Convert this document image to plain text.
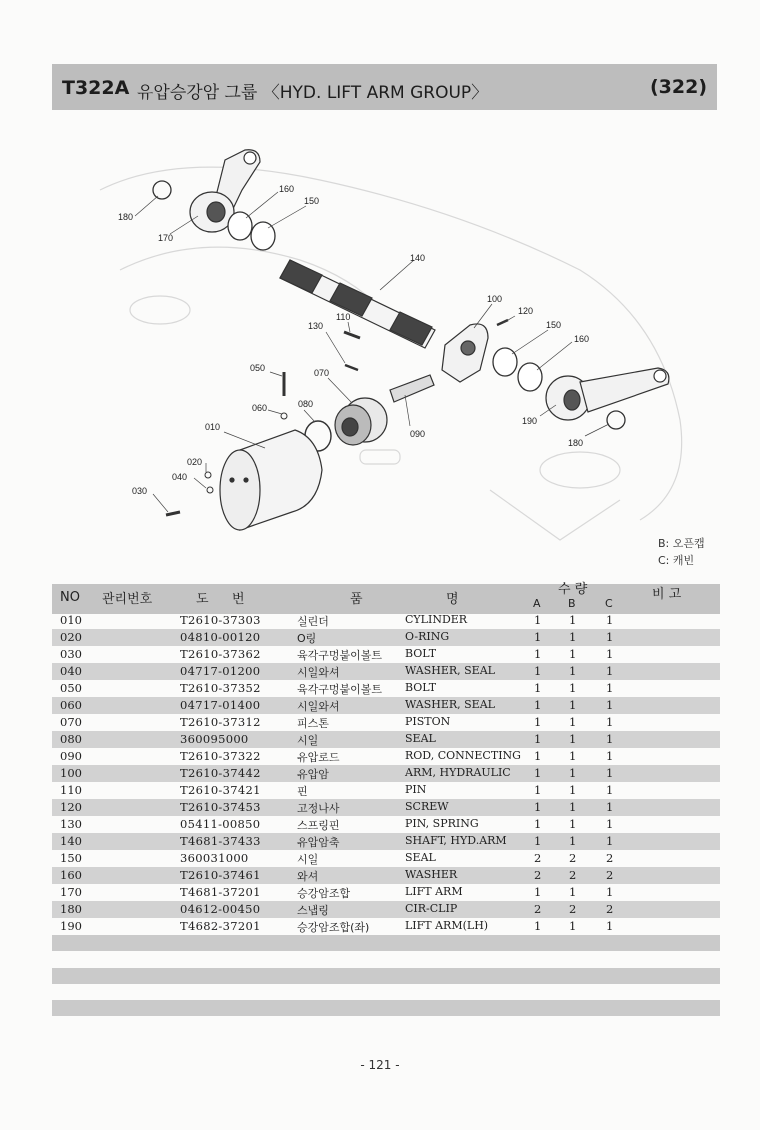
T322A 유압승강암 그룹 〈HYD. LIFT ARM GROUP〉	(322)
180
170
160
150
140
100
120
150
160
110
130
050	070
060	080
010
090
020
040
030
190
180
B: 오픈캡
C: 캐빈
NO 관리번호	도 번	품	명
수 량
A B	C
비 고
010	T2610-37303	실린더	CYLINDER	1 1	1
020	04810-00120	O링	O-RING	1 1	1
030	T2610-37362	육각구멍붙이볼트 BOLT	1 1	1
040	04717-01200	시일와셔	WASHER, SEAL	1 1	1
050	T2610-37352	육각구멍붙이볼트 BOLT	1 1	1
060	04717-01400	시일와셔	WASHER, SEAL	1 1	1
070	T2610-37312	피스톤	PISTON	1 1	1
080	360095000	시일	SEAL	1 1	1
090	T2610-37322	유압로드	ROD, CONNECTING 1 1	1
100	T2610-37442	유압암	ARM, HYDRAULIC 1 1	1
110	T2610-37421	핀	PIN	1 1	1
120	T2610-37453	고정나사	SCREW	1 1	1
130	05411-00850	스프링핀	PIN, SPRING	1 1	1
140	T4681-37433	유압암축	SHAFT, HYD.ARM 1 1	1
150	360031000	시일	SEAL	2 2	2
160	T2610-37461	와셔	WASHER	2 2	2
170	T4681-37201	승강암조합	LIFT ARM	1 1	1
180	04612-00450	스냅링	CIR-CLIP	2 2	2
190	T4682-37201	승강암조합(좌)	LIFT ARM(LH)	1 1	1
- 121 -
